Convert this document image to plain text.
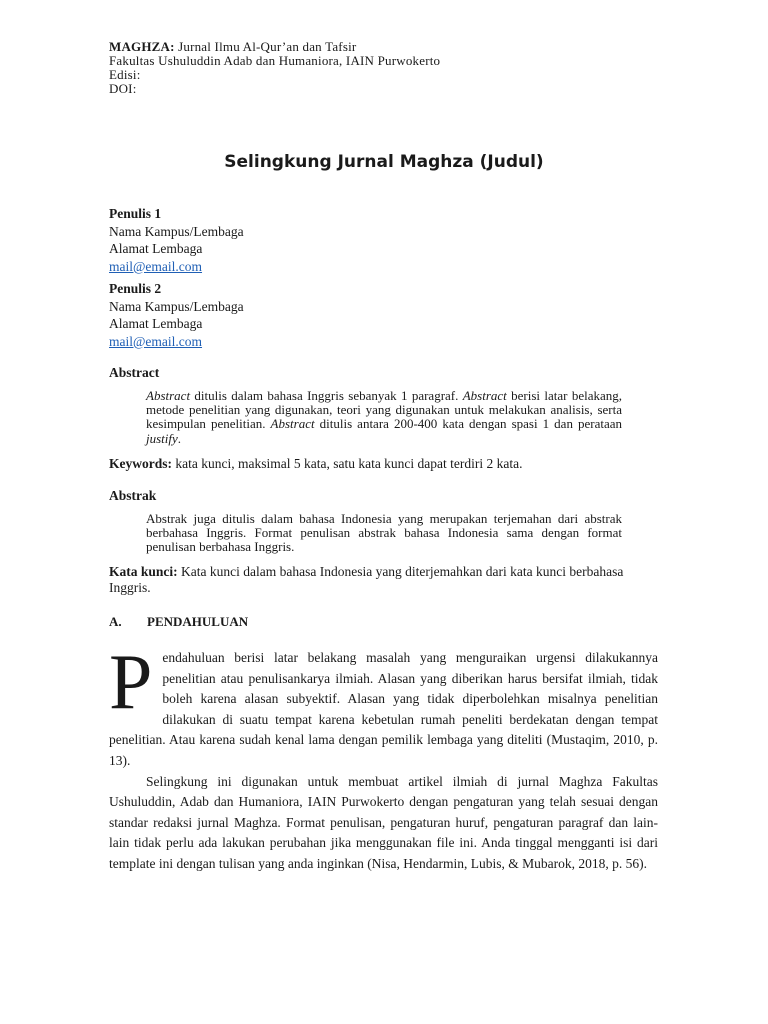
MAGHZA: Jurnal Ilmu Al-Qur’an dan Tafsir
Fakultas Ushuluddin Adab dan Humaniora, IAIN Purwokerto
Edisi:
DOI:
Selingkung Jurnal Maghza (Judul)
Penulis 1
Nama Kampus/Lembaga
Alamat Lembaga
mail@email.com
Penulis 2
Nama Kampus/Lembaga
Alamat Lembaga
mail@email.com
Abstract
Abstract ditulis dalam bahasa Inggris sebanyak 1 paragraf. Abstract berisi latar belakang, metode penelitian yang digunakan, teori yang digunakan untuk melakukan analisis, serta kesimpulan penelitian. Abstract ditulis antara 200-400 kata dengan spasi 1 dan perataan justify.
Keywords: kata kunci, maksimal 5 kata, satu kata kunci dapat terdiri 2 kata.
Abstrak
Abstrak juga ditulis dalam bahasa Indonesia yang merupakan terjemahan dari abstrak berbahasa Inggris. Format penulisan abstrak bahasa Indonesia sama dengan format penulisan berbahasa Inggris.
Kata kunci: Kata kunci dalam bahasa Indonesia yang diterjemahkan dari kata kunci berbahasa Inggris.
A. PENDAHULUAN
Pendahuluan berisi latar belakang masalah yang menguraikan urgensi dilakukannya penelitian atau penulisankarya ilmiah. Alasan yang diberikan harus bersifat ilmiah, tidak boleh karena alasan subyektif. Alasan yang tidak diperbolehkan misalnya penelitian dilakukan di suatu tempat karena kebetulan rumah peneliti berdekatan dengan tempat penelitian. Atau karena sudah kenal lama dengan pemilik lembaga yang diteliti (Mustaqim, 2010, p. 13).
Selingkung ini digunakan untuk membuat artikel ilmiah di jurnal Maghza Fakultas Ushuluddin, Adab dan Humaniora, IAIN Purwokerto dengan pengaturan yang telah sesuai dengan standar redaksi jurnal Maghza. Format penulisan, pengaturan huruf, pengaturan paragraf dan lain-lain tidak perlu ada lakukan perubahan jika menggunakan file ini. Anda tinggal mengganti isi dari template ini dengan tulisan yang anda inginkan (Nisa, Hendarmin, Lubis, & Mubarok, 2018, p. 56).
